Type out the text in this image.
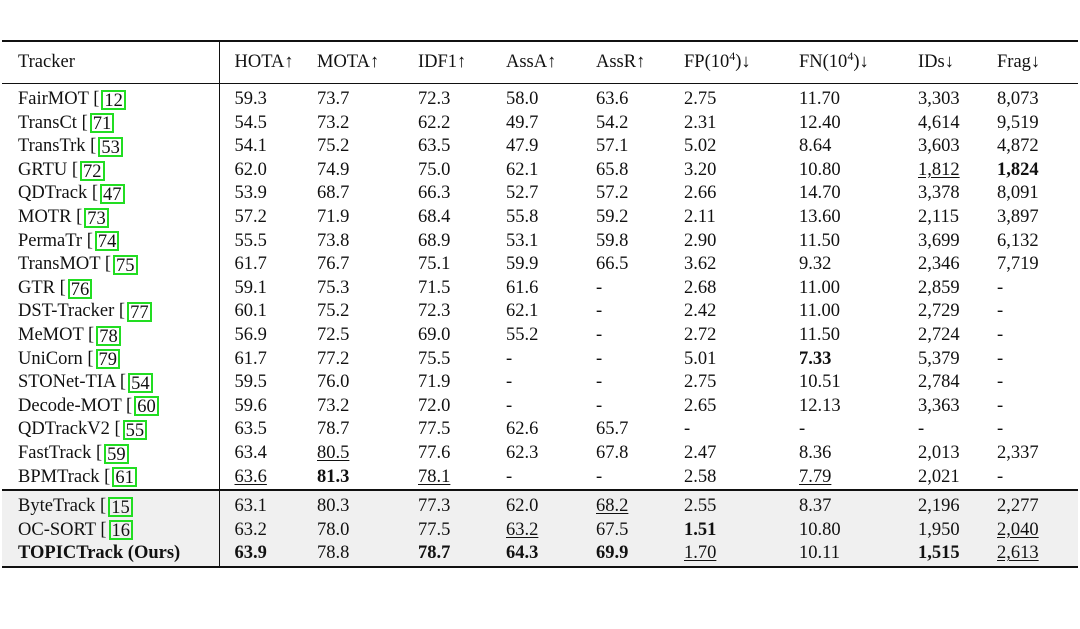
Tracker	HOTA↑	MOTA↑	IDF1↑	AssA↑	AssR↑	$FP(10^4)↓$	$FN(10^4)↓$	IDs↓	Frag↓

FairMOT [ 12	59.3	73.7	72.3	58.0	63.6	2.75	11.70	3,303	8,073
TransCt [ 71	54.5	73.2	62.2	49.7	54.2	2.31	12.40	4,614	9,519
TransTrk [ 53	54.1	75.2	63.5	47.9	57.1	5.02	8.64	3,603	4,872
GRTU [ 72	62.0	74.9	75.0	62.1	65.8	3.20	10.80	1,812	1,824
QDTrack [ 47	53.9	68.7	66.3	52.7	57.2	2.66	14.70	3,378	8,091
MOTR [ 73	57.2	71.9	68.4	55.8	59.2	2.11	13.60	2,115	3,897
PermaTr [ 74	55.5	73.8	68.9	53.1	59.8	2.90	11.50	3,699	6,132
TransMOT [ 75	61.7	76.7	75.1	59.9	66.5	3.62	9.32	2,346	7,719
GTR [ 76	59.1	75.3	71.5	61.6	-	2.68	11.00	2,859	-
DST-Tracker [ 77	60.1	75.2	72.3	62.1	-	2.42	11.00	2,729	-
MeMOT [ 78	56.9	72.5	69.0	55.2	-	2.72	11.50	2,724	-
UniCorn [ 79	61.7	77.2	75.5	-	-	5.01	7.33	5,379	-
STONet-TIA [ 54	59.5	76.0	71.9	-	-	2.75	10.51	2,784	-
Decode-MOT [ 60	59.6	73.2	72.0	-	-	2.65	12.13	3,363	-
QDTrackV2 [ 55	63.5	78.7	77.5	62.6	65.7	-	-	-	-
FastTrack [ 59	63.4	80.5	77.6	62.3	67.8	2.47	8.36	2,013	2,337
BPMTrack [ 61	63.6	81.3	78.1	-	-	2.58	7.79	2,021	-

ByteTrack [ 15	63.1	80.3	77.3	62.0	68.2	2.55	8.37	2,196	2,277
OC-SORT [ 16	63.2	78.0	77.5	63.2	67.5	1.51	10.80	1,950	2,040
TOPICTrack (Ours)	63.9	78.8	78.7	64.3	69.9	1.70	10.11	1,515	2,613
